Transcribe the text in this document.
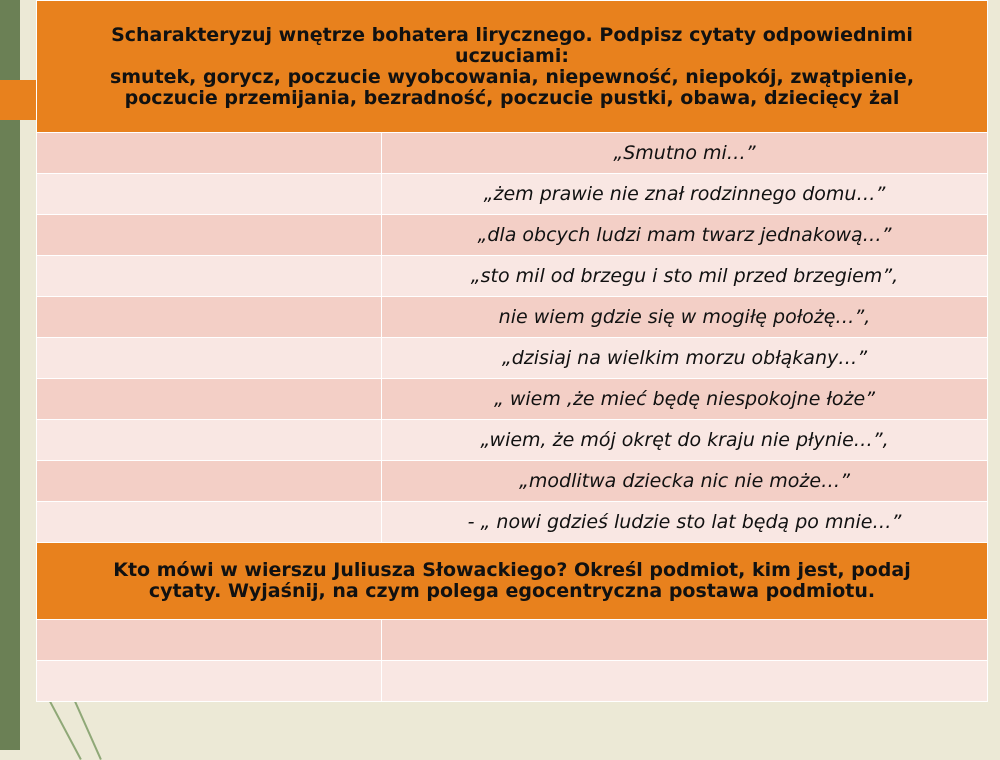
Scharakteryzuj wnętrze bohatera lirycznego. Podpisz cytaty odpowiednimi
uczuciami:
smutek, gorycz, poczucie wyobcowania, niepewność, niepokój, zwątpienie,
poczucie przemijania, bezradność, poczucie pustki, obawa, dziecięcy żal	

	„Smutno mi…”
	„żem prawie nie znał rodzinnego domu…”
	„dla obcych ludzi mam twarz jednakową…”
	„sto mil od brzegu i sto mil przed brzegiem”,
	nie wiem gdzie się w mogiłę położę…”,
	„dzisiaj na wielkim morzu obłąkany…”
	„ wiem ,że mieć będę niespokojne łoże”
	„wiem, że mój okręt do kraju nie płynie…”,
	„modlitwa dziecka nic nie może…”
	- „ nowi gdzieś ludzie sto lat będą po mnie…”

Kto mówi w wierszu Juliusza Słowackiego? Określ podmiot, kim jest, podaj
cytaty. Wyjaśnij, na czym polega egocentryczna postawa podmiotu.	
